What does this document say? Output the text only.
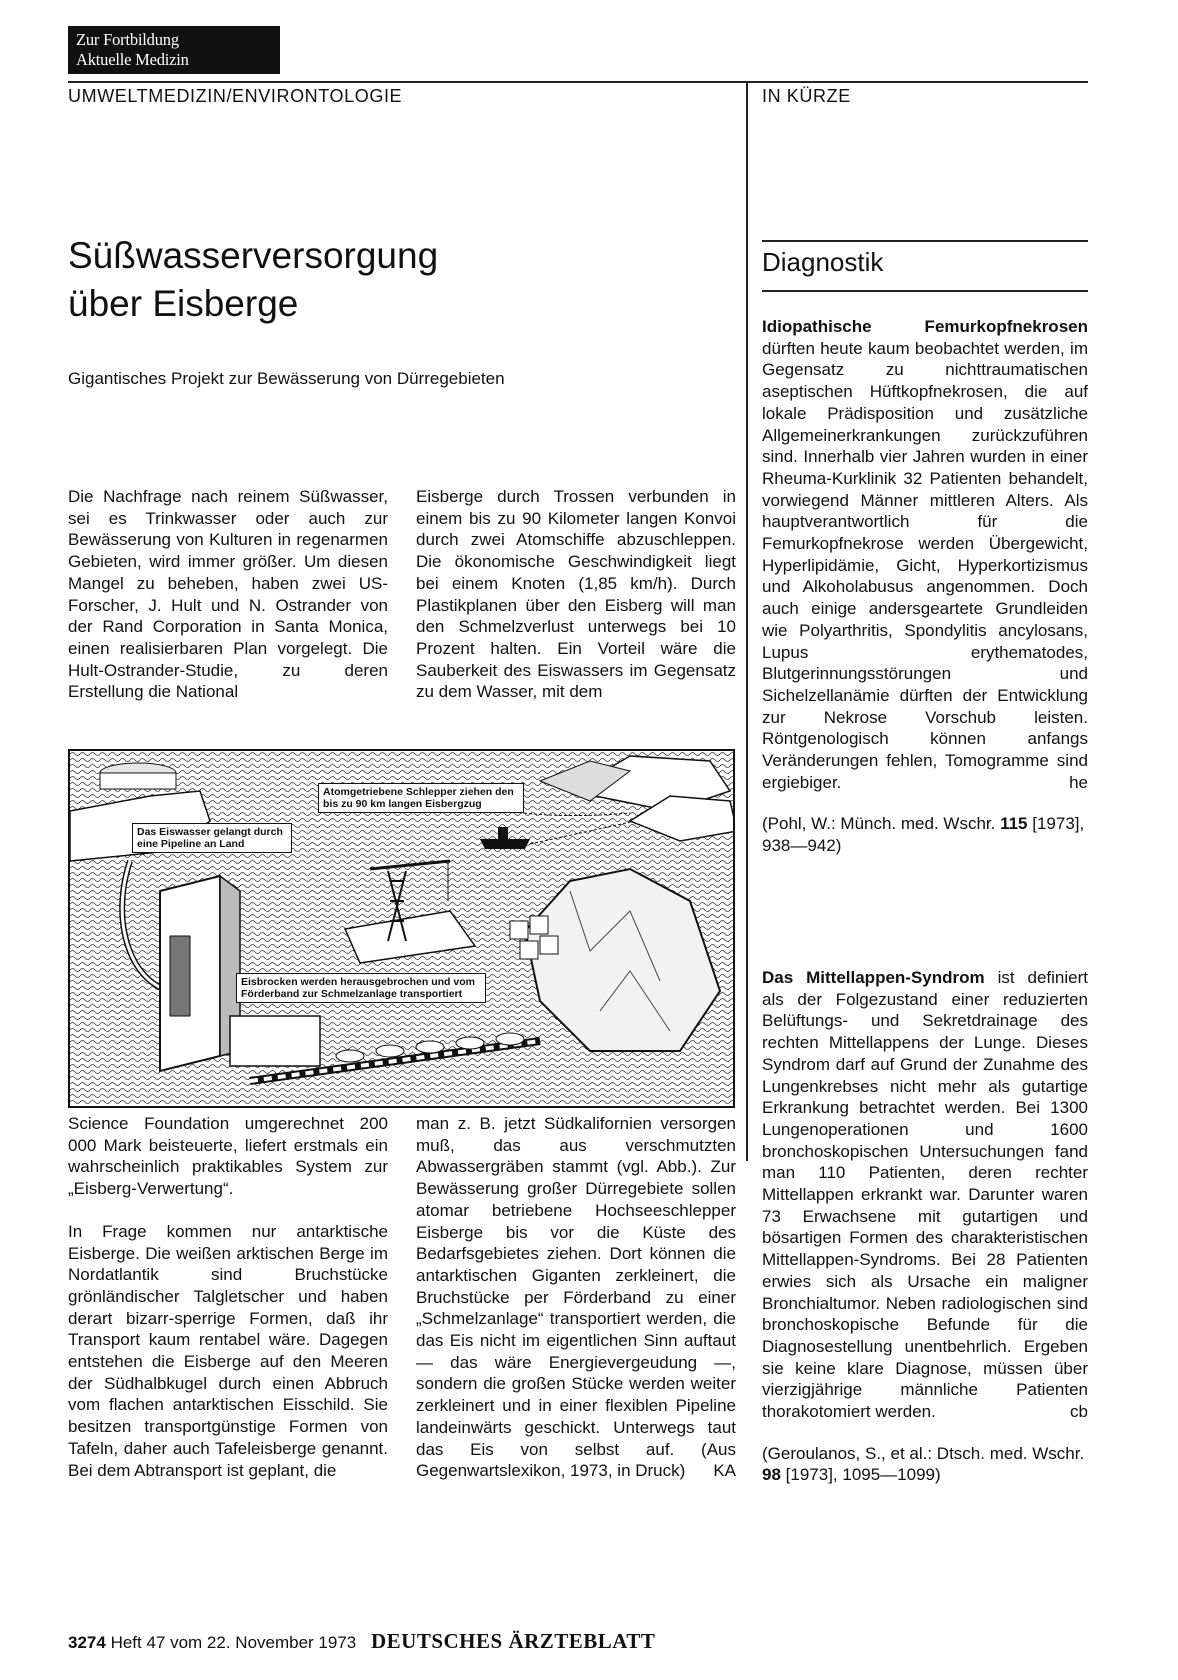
Zur Fortbildung
Aktuelle Medizin
UMWELTMEDIZIN/ENVIRONTOLOGIE	IN KÜRZE
Süßwasserversorgung
über Eisberge
Gigantisches Projekt zur Bewässerung von Dürregebieten

Die Nachfrage nach reinem Süßwasser, sei es Trinkwasser oder auch zur Bewässerung von Kulturen in regenarmen Gebieten, wird immer größer. Um diesen Mangel zu beheben, haben zwei US-Forscher, J. Hult und N. Ostrander von der Rand Corporation in Santa Monica, einen realisierbaren Plan vorgelegt. Die Hult-Ostrander-Studie, zu deren Erstellung die National

Eisberge durch Trossen verbunden in einem bis zu 90 Kilometer langen Konvoi durch zwei Atomschiffe abzuschleppen. Die ökonomische Geschwindigkeit liegt bei einem Knoten (1,85 km/h). Durch Plastikplanen über den Eisberg will man den Schmelzverlust unterwegs bei 10 Prozent halten. Ein Vorteil wäre die Sauberkeit des Eiswassers im Gegensatz zu dem Wasser, mit dem

Atomgetriebene Schlepper ziehen den bis zu 90 km langen Eisbergzug
Das Eiswasser gelangt durch eine Pipeline an Land
Eisbrocken werden herausgebrochen und vom Förderband zur Schmelzanlage transportiert

Science Foundation umgerechnet 200 000 Mark beisteuerte, liefert erstmals ein wahrscheinlich praktikables System zur „Eisberg-Verwertung“.

In Frage kommen nur antarktische Eisberge. Die weißen arktischen Berge im Nordatlantik sind Bruchstücke grönländischer Talgletscher und haben derart bizarr-sperrige Formen, daß ihr Transport kaum rentabel wäre. Dagegen entstehen die Eisberge auf den Meeren der Südhalbkugel durch einen Abbruch vom flachen antarktischen Eisschild. Sie besitzen transportgünstige Formen von Tafeln, daher auch Tafeleisberge genannt. Bei dem Abtransport ist geplant, die

man z. B. jetzt Südkalifornien versorgen muß, das aus verschmutzten Abwassergräben stammt (vgl. Abb.). Zur Bewässerung großer Dürregebiete sollen atomar betriebene Hochseeschlepper Eisberge bis vor die Küste des Bedarfsgebietes ziehen. Dort können die antarktischen Giganten zerkleinert, die Bruchstücke per Förderband zu einer „Schmelzanlage“ transportiert werden, die das Eis nicht im eigentlichen Sinn auftaut — das wäre Energievergeudung —, sondern die großen Stücke werden weiter zerkleinert und in einer flexiblen Pipeline landeinwärts geschickt. Unterwegs taut das Eis von selbst auf. (Aus Gegenwartslexikon, 1973, in Druck) KA

Diagnostik

Idiopathische Femurkopfnekrosen dürften heute kaum beobachtet werden, im Gegensatz zu nichttraumatischen aseptischen Hüftkopfnekrosen, die auf lokale Prädisposition und zusätzliche Allgemeinerkrankungen zurückzuführen sind. Innerhalb vier Jahren wurden in einer Rheuma-Kurklinik 32 Patienten behandelt, vorwiegend Männer mittleren Alters. Als hauptverantwortlich für die Femurkopfnekrose werden Übergewicht, Hyperlipidämie, Gicht, Hyperkortizismus und Alkoholabusus angenommen. Doch auch einige andersgeartete Grundleiden wie Polyarthritis, Spondylitis ancylosans, Lupus erythematodes, Blutgerinnungsstörungen und Sichelzellanämie dürften der Entwicklung zur Nekrose Vorschub leisten. Röntgenologisch können anfangs Veränderungen fehlen, Tomogramme sind ergiebiger.	he

(Pohl, W.: Münch. med. Wschr. 115 [1973], 938—942)

Das Mittellappen-Syndrom ist definiert als der Folgezustand einer reduzierten Belüftungs- und Sekretdrainage des rechten Mittellappens der Lunge. Dieses Syndrom darf auf Grund der Zunahme des Lungenkrebses nicht mehr als gutartige Erkrankung betrachtet werden. Bei 1300 Lungenoperationen und 1600 bronchoskopischen Untersuchungen fand man 110 Patienten, deren rechter Mittellappen erkrankt war. Darunter waren 73 Erwachsene mit gutartigen und bösartigen Formen des charakteristischen Mittellappen-Syndroms. Bei 28 Patienten erwies sich als Ursache ein maligner Bronchialtumor. Neben radiologischen sind bronchoskopische Befunde für die Diagnosestellung unentbehrlich. Ergeben sie keine klare Diagnose, müssen über vierzigjährige männliche Patienten thorakotomiert werden.	cb

(Geroulanos, S., et al.: Dtsch. med. Wschr. 98 [1973], 1095—1099)

3274 Heft 47 vom 22. November 1973 DEUTSCHES ÄRZTEBLATT
